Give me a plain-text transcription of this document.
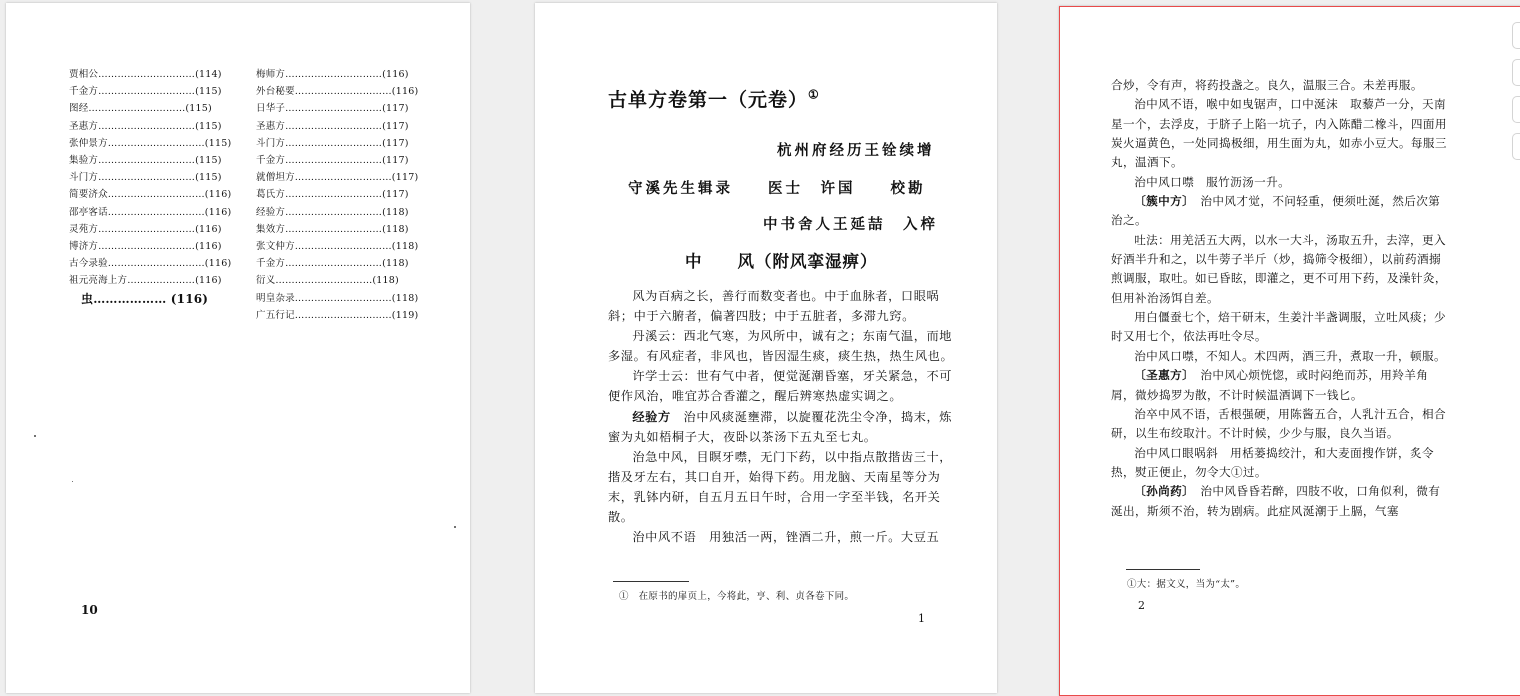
贾相公…………………………(114)
千金方…………………………(115)
图经…………………………(115)
圣惠方…………………………(115)
张仲景方…………………………(115)
集验方…………………………(115)
斗门方…………………………(115)
简要济众…………………………(116)
邵亭客话…………………………(116)
灵苑方…………………………(116)
博济方…………………………(116)
古今录验…………………………(116)
祖元亮海上方…………………(116)
虫……………… (116)
梅师方…………………………(116)
外台秘要…………………………(116)
日华子…………………………(117)
圣惠方…………………………(117)
斗门方…………………………(117)
千金方…………………………(117)
就僧坦方…………………………(117)
葛氏方…………………………(117)
经验方…………………………(118)
集效方…………………………(118)
张文仲方…………………………(118)
千金方…………………………(118)
衍义…………………………(118)
明皇杂录…………………………(118)
广五行记…………………………(119)
10
古单方卷第一（元卷）①
杭州府经历王铨续增
守溪先生辑录　　医士　许国　　校勘
中书舍人王延喆　入梓
中　　风（附风挛湿痹）

风为百病之长，善行而数变者也。中于血脉者，口眼㖞斜；中于六腑者，偏著四肢；中于五脏者，多滞九窍。

丹溪云：西北气寒，为风所中，诚有之；东南气温，而地多湿。有风症者，非风也，皆因湿生痰，痰生热，热生风也。

许学士云：世有气中者，便觉涎潮昏塞，牙关紧急，不可便作风治，唯宜苏合香灌之，醒后辨寒热虚实调之。

经验方　治中风痰涎壅滞，以旋覆花洗尘令净，捣末，炼蜜为丸如梧桐子大，夜卧以茶汤下五丸至七丸。

治急中风，目瞑牙噤，无门下药，以中指点散揩齿三十，揩及牙左右，其口自开，始得下药。用龙脑、天南星等分为末，乳钵内研，自五月五日午时，合用一字至半钱，名开关散。

治中风不语　用独活一两，锉酒二升，煎一斤。大豆五

①　在原书的扉页上，今将此，亨、利、贞各卷下同。
1

合炒，令有声，将药投盏之。良久，温服三合。未差再服。

治中风不语，喉中如曳锯声，口中涎沫　取藜芦一分，天南星一个，去浮皮，于脐子上陷一坑子，内入陈醋二橡斗，四面用炭火逼黄色，一处同捣极细，用生面为丸，如赤小豆大。每服三丸，温酒下。

治中风口噤　服竹沥汤一升。

〔簇中方〕　治中风才觉，不问轻重，便须吐涎，然后次第治之。

吐法：用羌活五大两，以水一大斗，汤取五升，去滓，更入好酒半升和之，以牛蒡子半斤（炒，捣筛令极细），以前药酒搦煎调服，取吐。如已昏眩，即灌之，更不可用下药，及澡针灸，但用补治汤饵自差。

用白僵蚕七个，焙干研末，生姜汁半盏调服，立吐风痰；少时又用七个，依法再吐令尽。

治中风口噤，不知人。术四两，酒三升，煮取一升，顿服。

〔圣惠方〕　治中风心烦恍惚，或时闷绝而苏，用羚羊角屑，微炒捣罗为散，不计时候温酒调下一钱匕。

治卒中风不语，舌根强硬，用陈酱五合，人乳汁五合，相合研，以生布绞取汁。不计时候，少少与服，良久当语。

治中风口眼㖞斜　用栝蒌捣绞汁，和大麦面搜作饼，炙令热，熨正便止，勿令大①过。

〔孙尚药〕　治中风昏昏若醉，四肢不收，口角似利，微有涎出，斯须不治，转为剧病。此症风涎潮于上膈，气塞

①大：据文义，当为“太”。
2
